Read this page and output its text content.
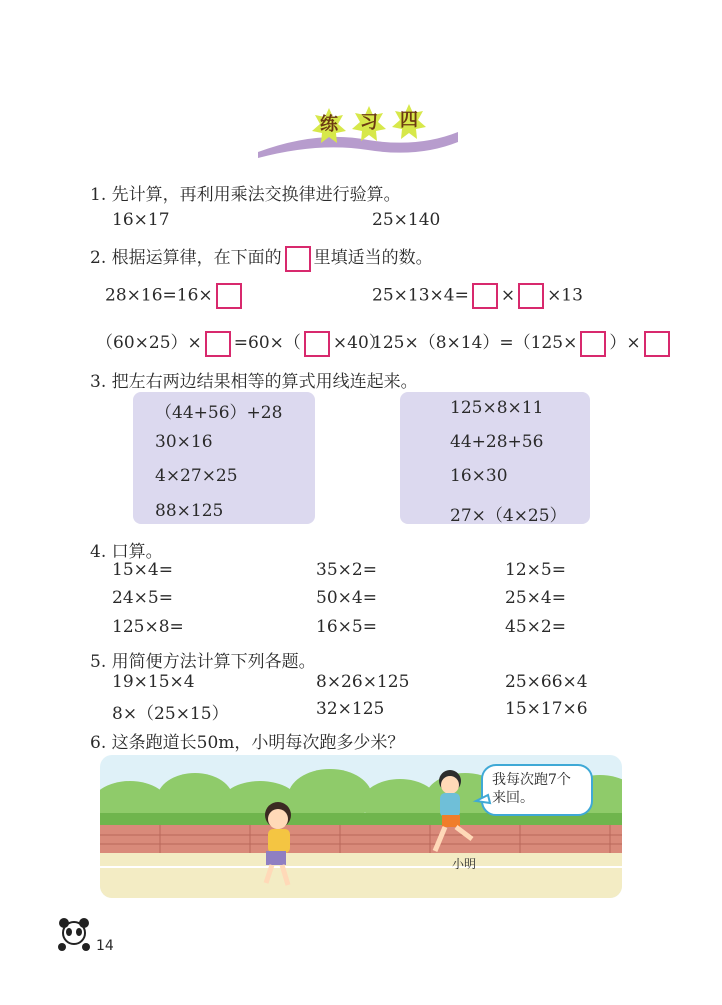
练	习	四
1. 先计算，再利用乘法交换律进行验算。
16×17	25×140
2. 根据运算律，在下面的 里填适当的数。
28×16=16×	25×13×4= × ×13
（60×25）× =60×（ ×40）
125×（8×14）=（125× ）×
3. 把左右两边结果相等的算式用线连起来。
（44+56）+28
30×16
4×27×25
88×125
125×8×11
44+28+56
16×30
27×（4×25）
4. 口算。
15×4=	35×2=	12×5=
24×5=	50×4=	25×4=
125×8=	16×5=	45×2=
5. 用简便方法计算下列各题。
19×15×4	8×26×125	25×66×4
8×（25×15）	32×125	15×17×6
6. 这条跑道长50m，小明每次跑多少米？
我每次跑7个
来回。
小明
14
